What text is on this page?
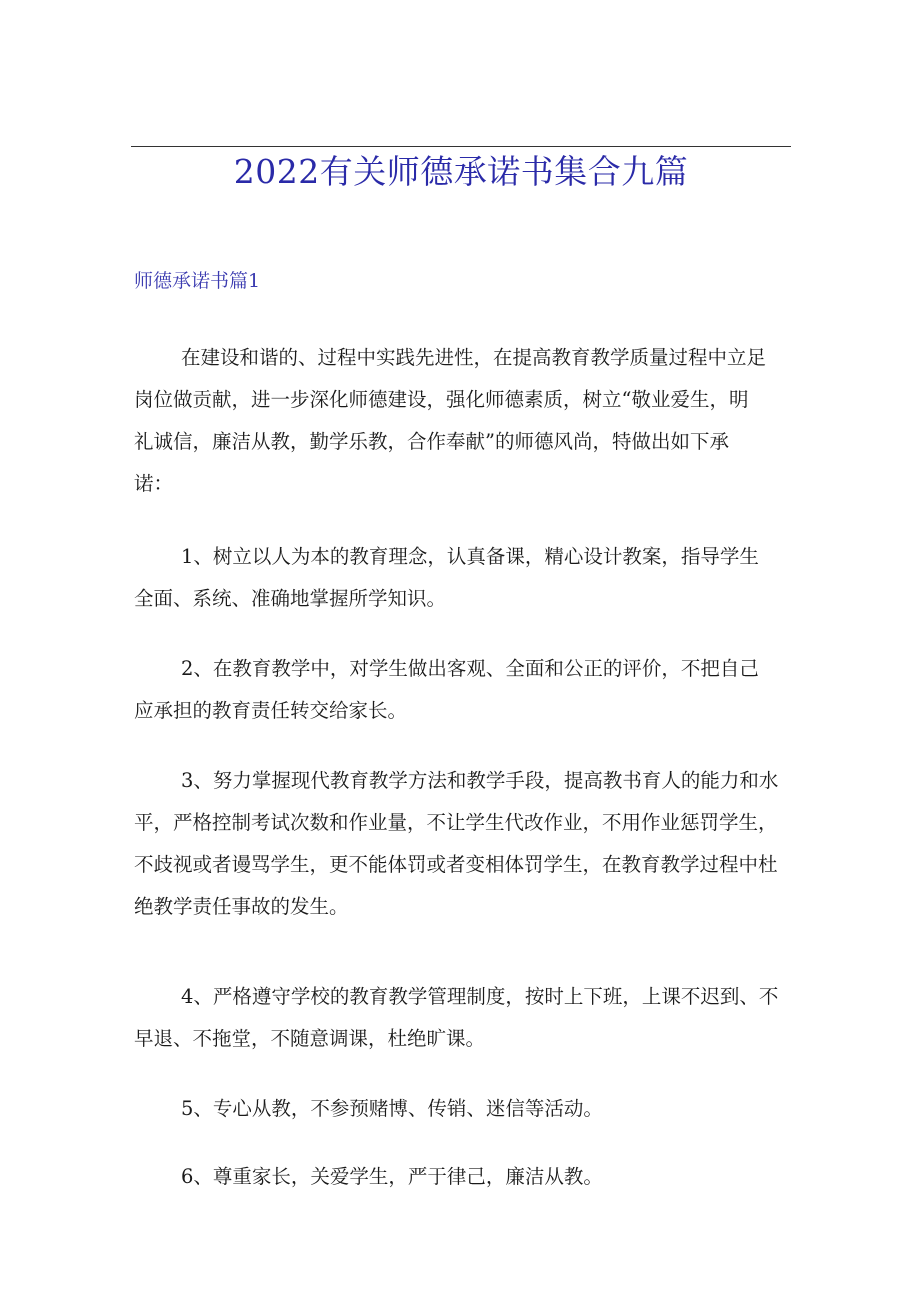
2022有关师德承诺书集合九篇
师德承诺书篇1
在建设和谐的、过程中实践先进性，在提高教育教学质量过程中立足
岗位做贡献，进一步深化师德建设，强化师德素质，树立“敬业爱生，明
礼诚信，廉洁从教，勤学乐教，合作奉献”的师德风尚，特做出如下承
诺：
1、树立以人为本的教育理念，认真备课，精心设计教案，指导学生
全面、系统、准确地掌握所学知识。
2、在教育教学中，对学生做出客观、全面和公正的评价，不把自己
应承担的教育责任转交给家长。
3、努力掌握现代教育教学方法和教学手段，提高教书育人的能力和水
平，严格控制考试次数和作业量，不让学生代改作业，不用作业惩罚学生，
不歧视或者谩骂学生，更不能体罚或者变相体罚学生，在教育教学过程中杜
绝教学责任事故的发生。
4、严格遵守学校的教育教学管理制度，按时上下班，上课不迟到、不
早退、不拖堂，不随意调课，杜绝旷课。
5、专心从教，不参预赌博、传销、迷信等活动。
6、尊重家长，关爱学生，严于律己，廉洁从教。
